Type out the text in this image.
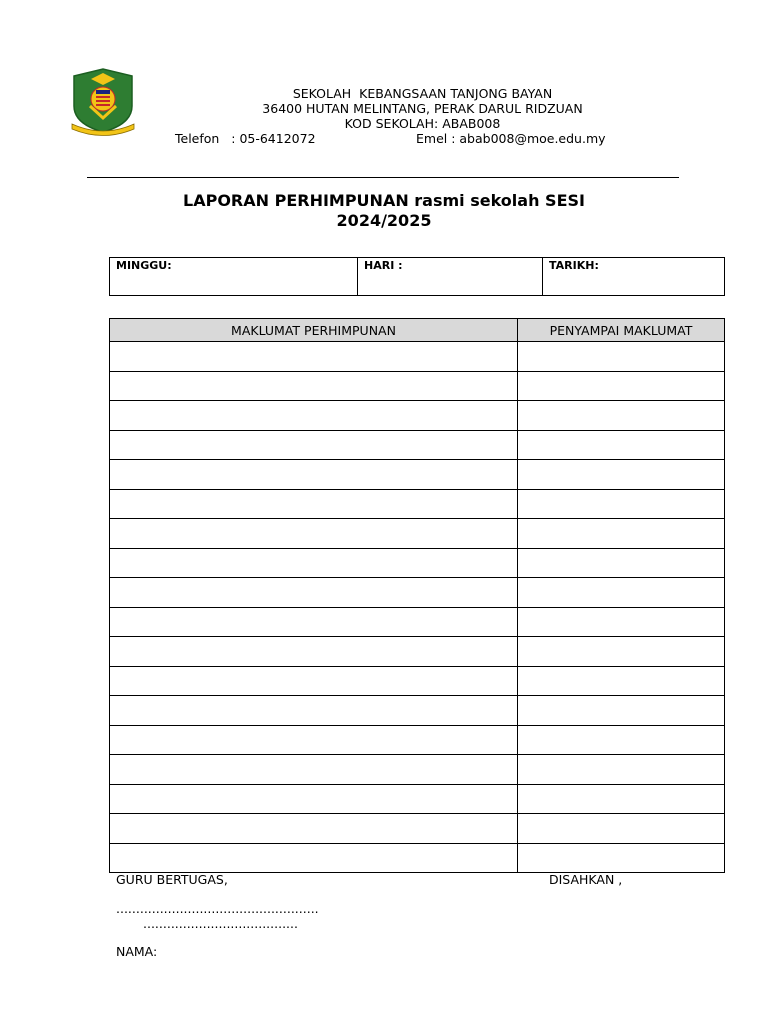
SEKOLAH  KEBANGSAAN TANJONG BAYAN
36400 HUTAN MELINTANG, PERAK DARUL RIDZUAN
KOD SEKOLAH: ABAB008
Telefon   : 05-6412072	Emel : abab008@moe.edu.my
LAPORAN PERHIMPUNAN rasmi sekolah SESI
2024/2025
MINGGU:	HARI :	TARIKH:
MAKLUMAT PERHIMPUNAN	PENYAMPAI MAKLUMAT

GURU BERTUGAS,	DISAHKAN ,
...................................................
.......................................
NAMA:
